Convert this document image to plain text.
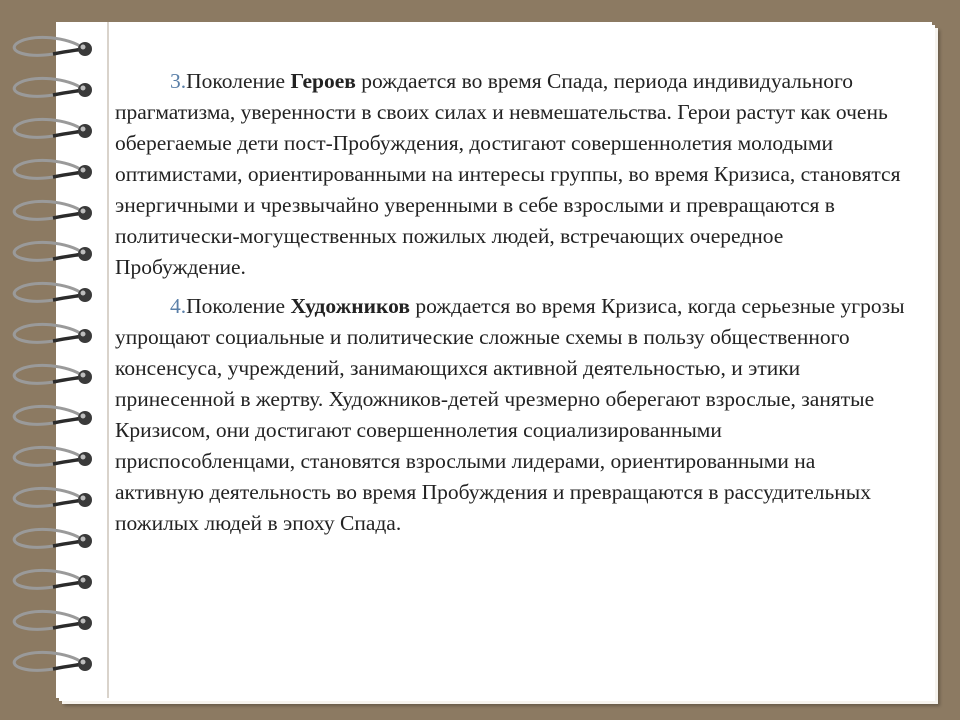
3.Поколение Героев рождается во время Спада, периода индивидуального прагматизма, уверенности в своих силах и невмешательства. Герои растут как очень оберегаемые дети пост-Пробуждения, достигают совершеннолетия молодыми оптимистами, ориентированными на интересы группы, во время Кризиса, становятся энергичными и чрезвычайно уверенными в себе взрослыми и превращаются в политически-могущественных пожилых людей, встречающих очередное Пробуждение.

4.Поколение Художников рождается во время Кризиса, когда серьезные угрозы упрощают социальные и политические сложные схемы в пользу общественного консенсуса, учреждений, занимающихся активной деятельностью, и этики принесенной в жертву. Художников-детей чрезмерно оберегают взрослые, занятые Кризисом, они достигают совершеннолетия социализированными приспособленцами, становятся взрослыми лидерами, ориентированными на активную деятельность во время Пробуждения и превращаются в рассудительных пожилых людей в эпоху Спада.
